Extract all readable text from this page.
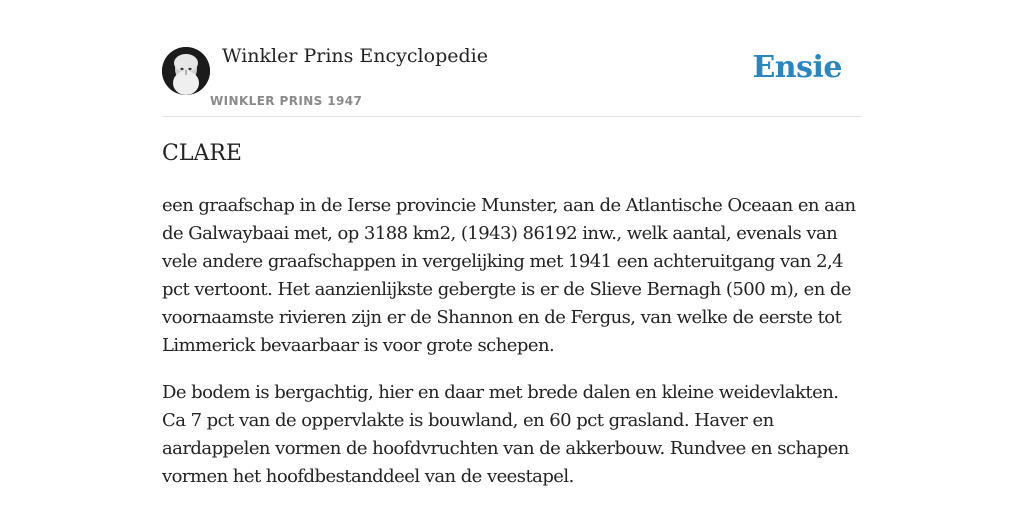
Winkler Prins Encyclopedie
WINKLER PRINS 1947
Ensie
CLARE

een graafschap in de Ierse provincie Munster, aan de Atlantische Oceaan en aan de Galwaybaai met, op 3188 km2, (1943) 86192 inw., welk aantal, evenals van vele andere graafschappen in vergelijking met 1941 een achteruitgang van 2,4 pct vertoont. Het aanzienlijkste gebergte is er de Slieve Bernagh (500 m), en de voornaamste rivieren zijn er de Shannon en de Fergus, van welke de eerste tot Limmerick bevaarbaar is voor grote schepen.

De bodem is bergachtig, hier en daar met brede dalen en kleine weidevlakten. Ca 7 pct van de oppervlakte is bouwland, en 60 pct grasland. Haver en aardappelen vormen de hoofdvruchten van de akkerbouw. Rundvee en schapen vormen het hoofdbestanddeel van de veestapel.
